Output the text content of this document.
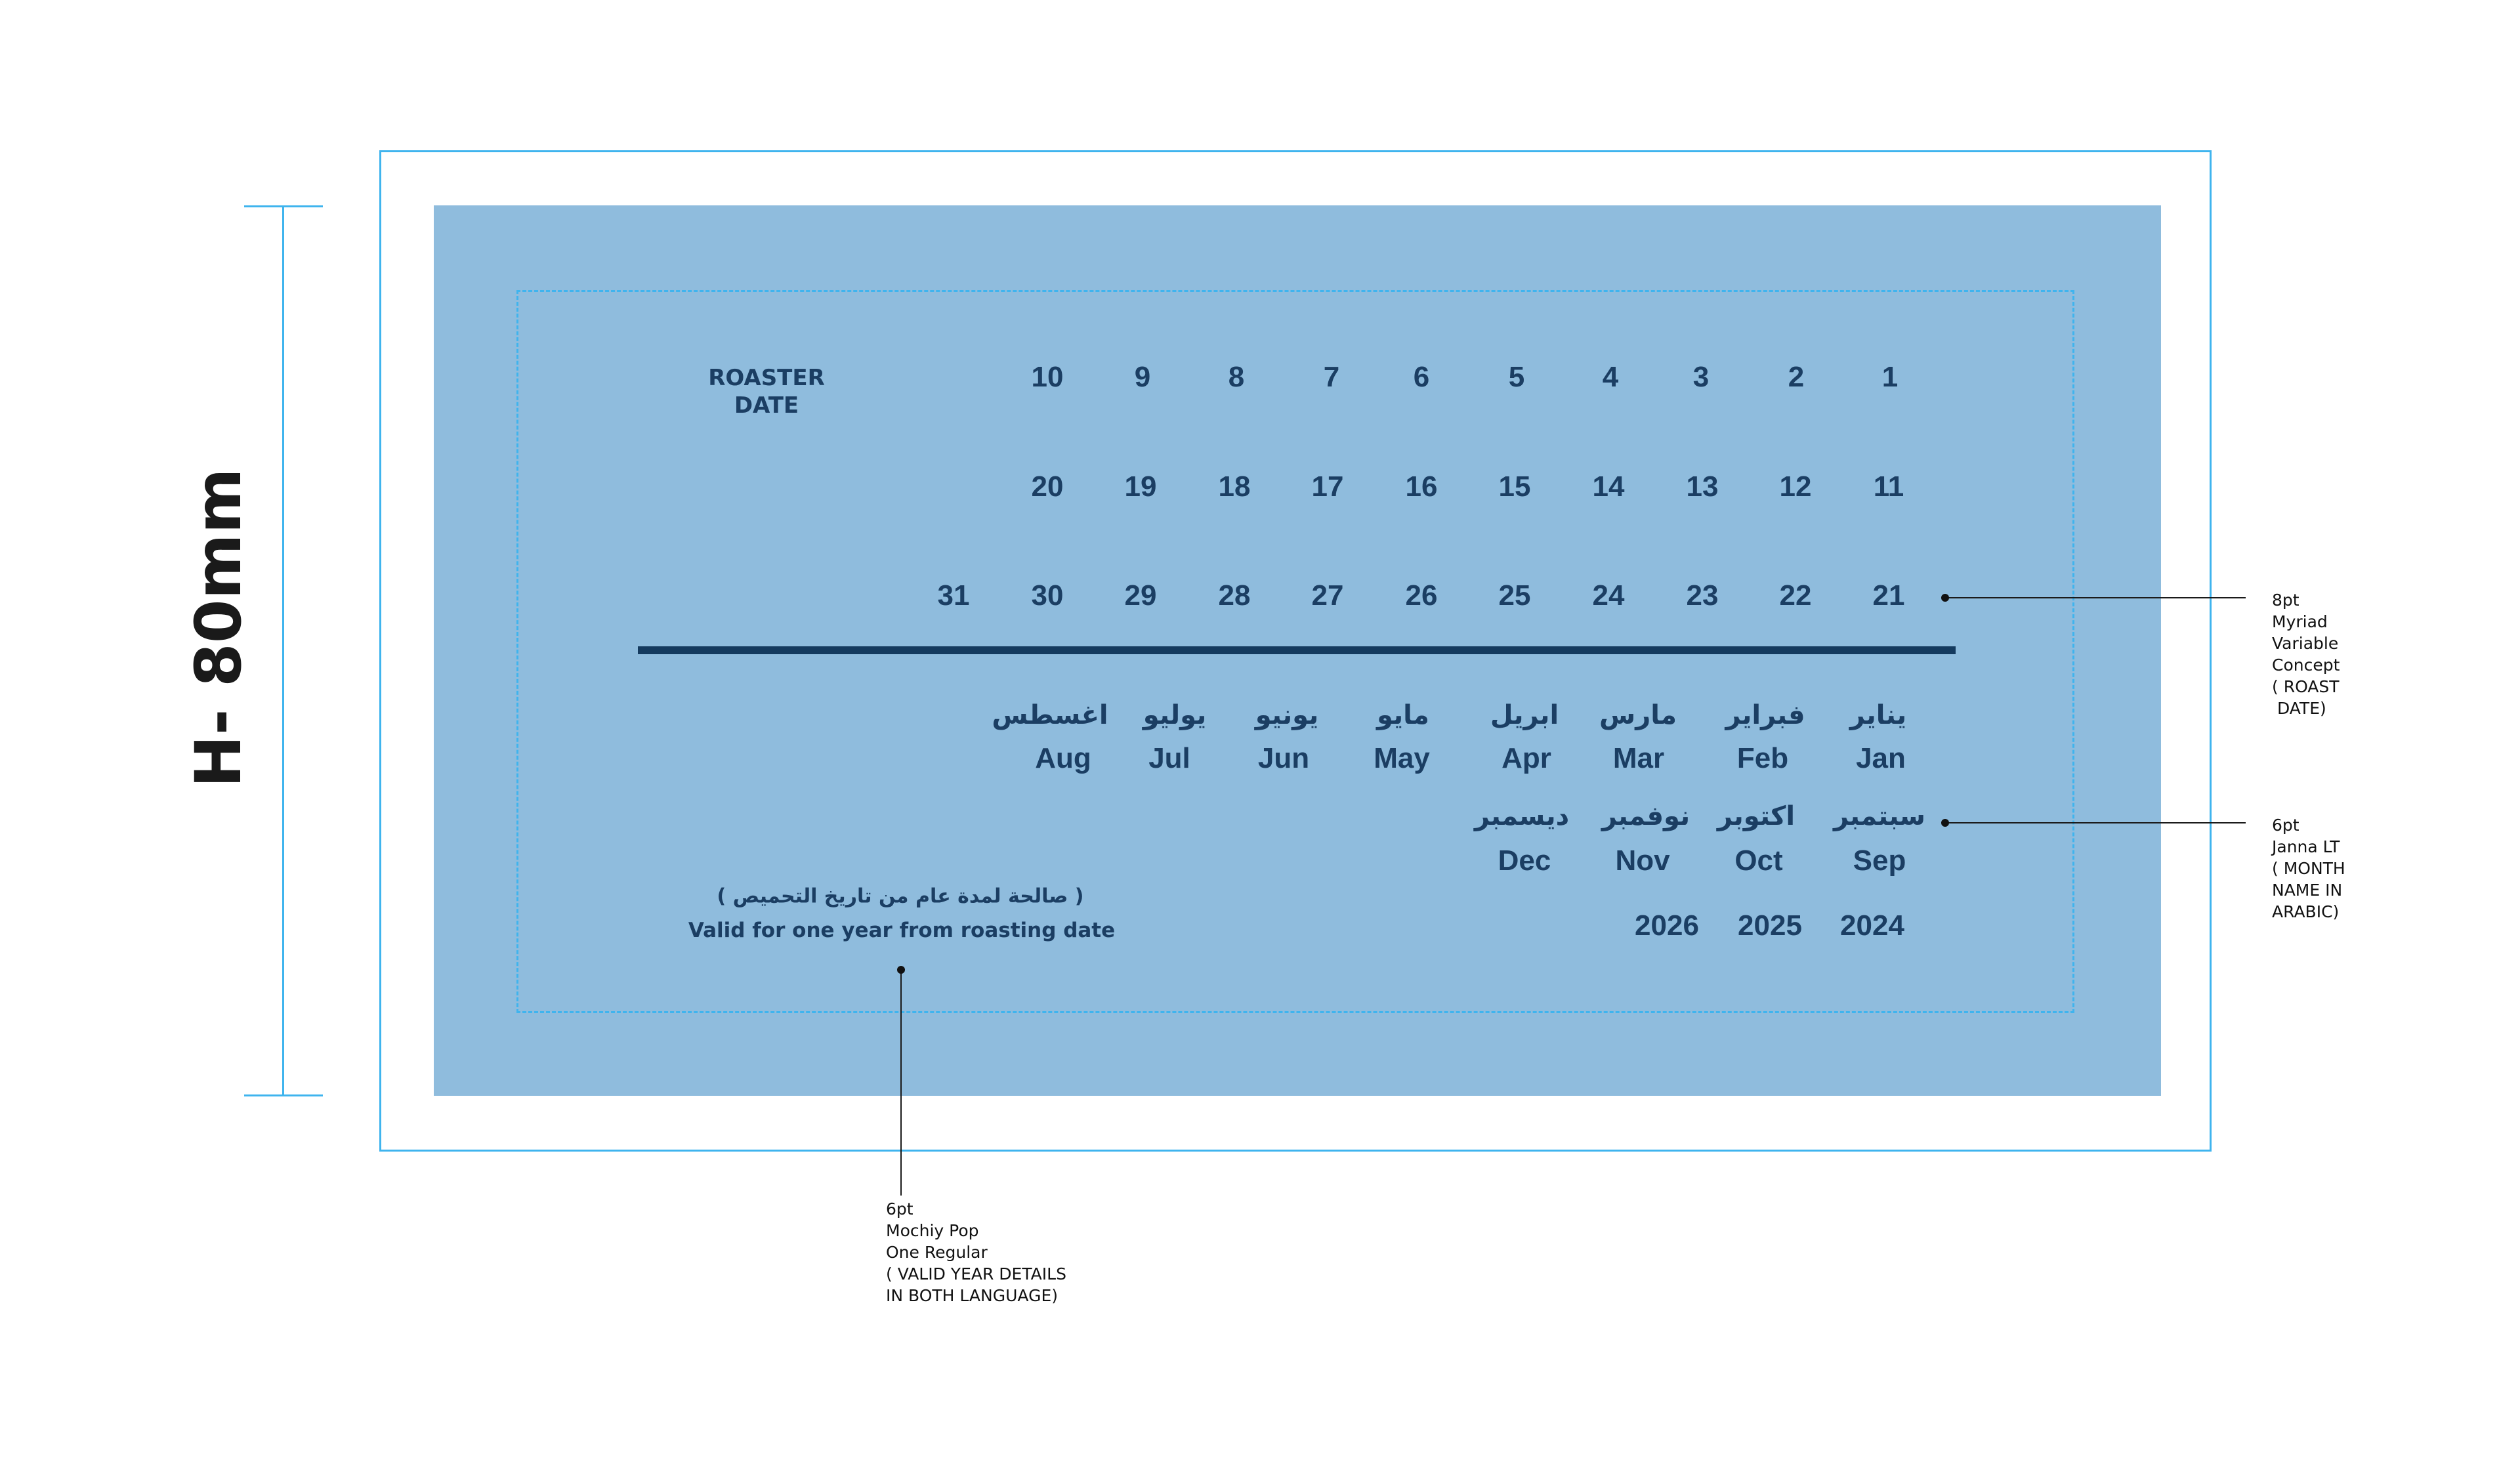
H- 80mm
ROASTER
DATE
10 9	8	7	6	5	4	3	2	1
20 19 18 17 16 15 14 13 12 11
31 30 29 28 27 26 25 24 23 22 21
اغسطس يوليو يونيو مايو ابريل مارس فبراير يناير
Aug Jul Jun May Apr Mar	Feb Jan
ديسمبر نوفمبر اكتوبر سبتمبر
Dec Nov Oct Sep
2026 2025 2024
( صالحة لمدة عام من تاريخ التحميص )
Valid for one year from roasting date
8pt
Myriad
Variable
Concept
( ROAST
DATE)
6pt
Janna LT
( MONTH
NAME IN
ARABIC)
6pt
Mochiy Pop
One Regular
( VALID YEAR DETAILS
IN BOTH LANGUAGE)
